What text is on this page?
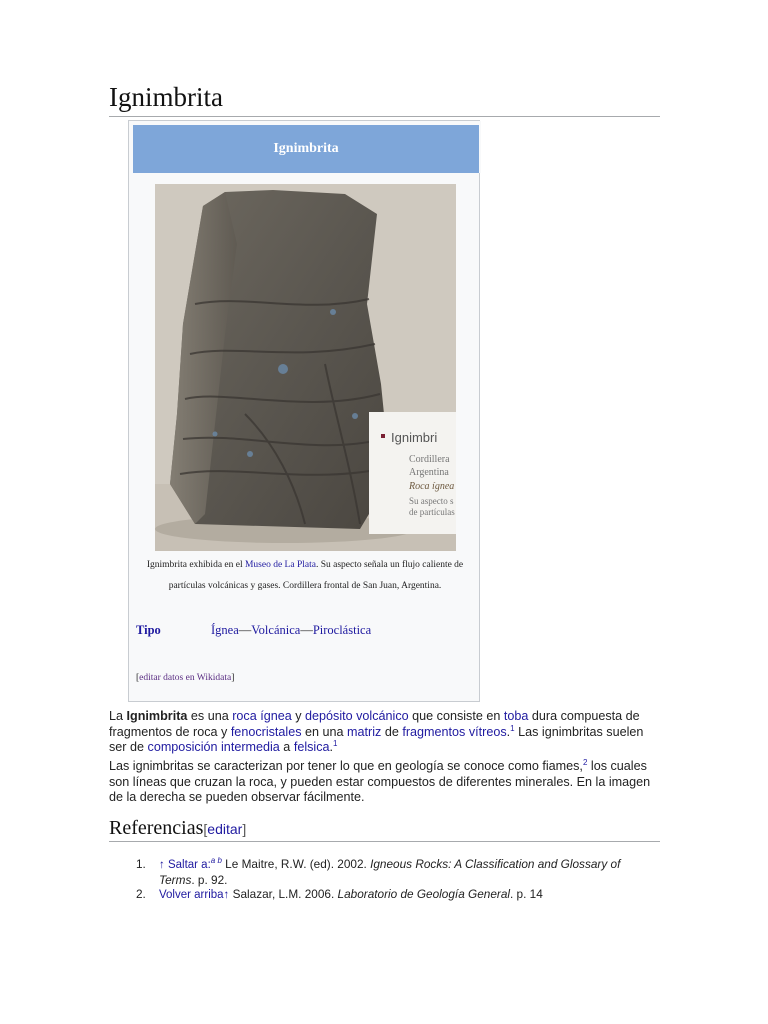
Ignimbrita
Ignimbrita
Ignimbri
Cordillera
Argentina
Roca ígnea
Su aspecto s
de partículas
Ignimbrita exhibida en el Museo de La Plata. Su aspecto señala un flujo caliente de partículas volcánicas y gases. Cordillera frontal de San Juan, Argentina.
Tipo	Ígnea—Volcánica—Piroclástica
[editar datos en Wikidata]

La Ignimbrita es una roca ígnea y depósito volcánico que consiste en toba dura compuesta de fragmentos de roca y fenocristales en una matriz de fragmentos vítreos.$^1$ Las ignimbritas suelen ser de composición intermedia a felsica.$^1$

Las ignimbritas se caracterizan por tener lo que en geología se conoce como fiames,$^2$ los cuales son líneas que cruzan la roca, y pueden estar compuestos de diferentes minerales. En la imagen de la derecha se pueden observar fácilmente.

Referencias[editar]
1. ↑ Saltar a:$^{a b}$ Le Maitre, R.W. (ed). 2002. Igneous Rocks: A Classification and Glossary of Terms. p. 92.
2. Volver arriba↑ Salazar, L.M. 2006. Laboratorio de Geología General. p. 14
